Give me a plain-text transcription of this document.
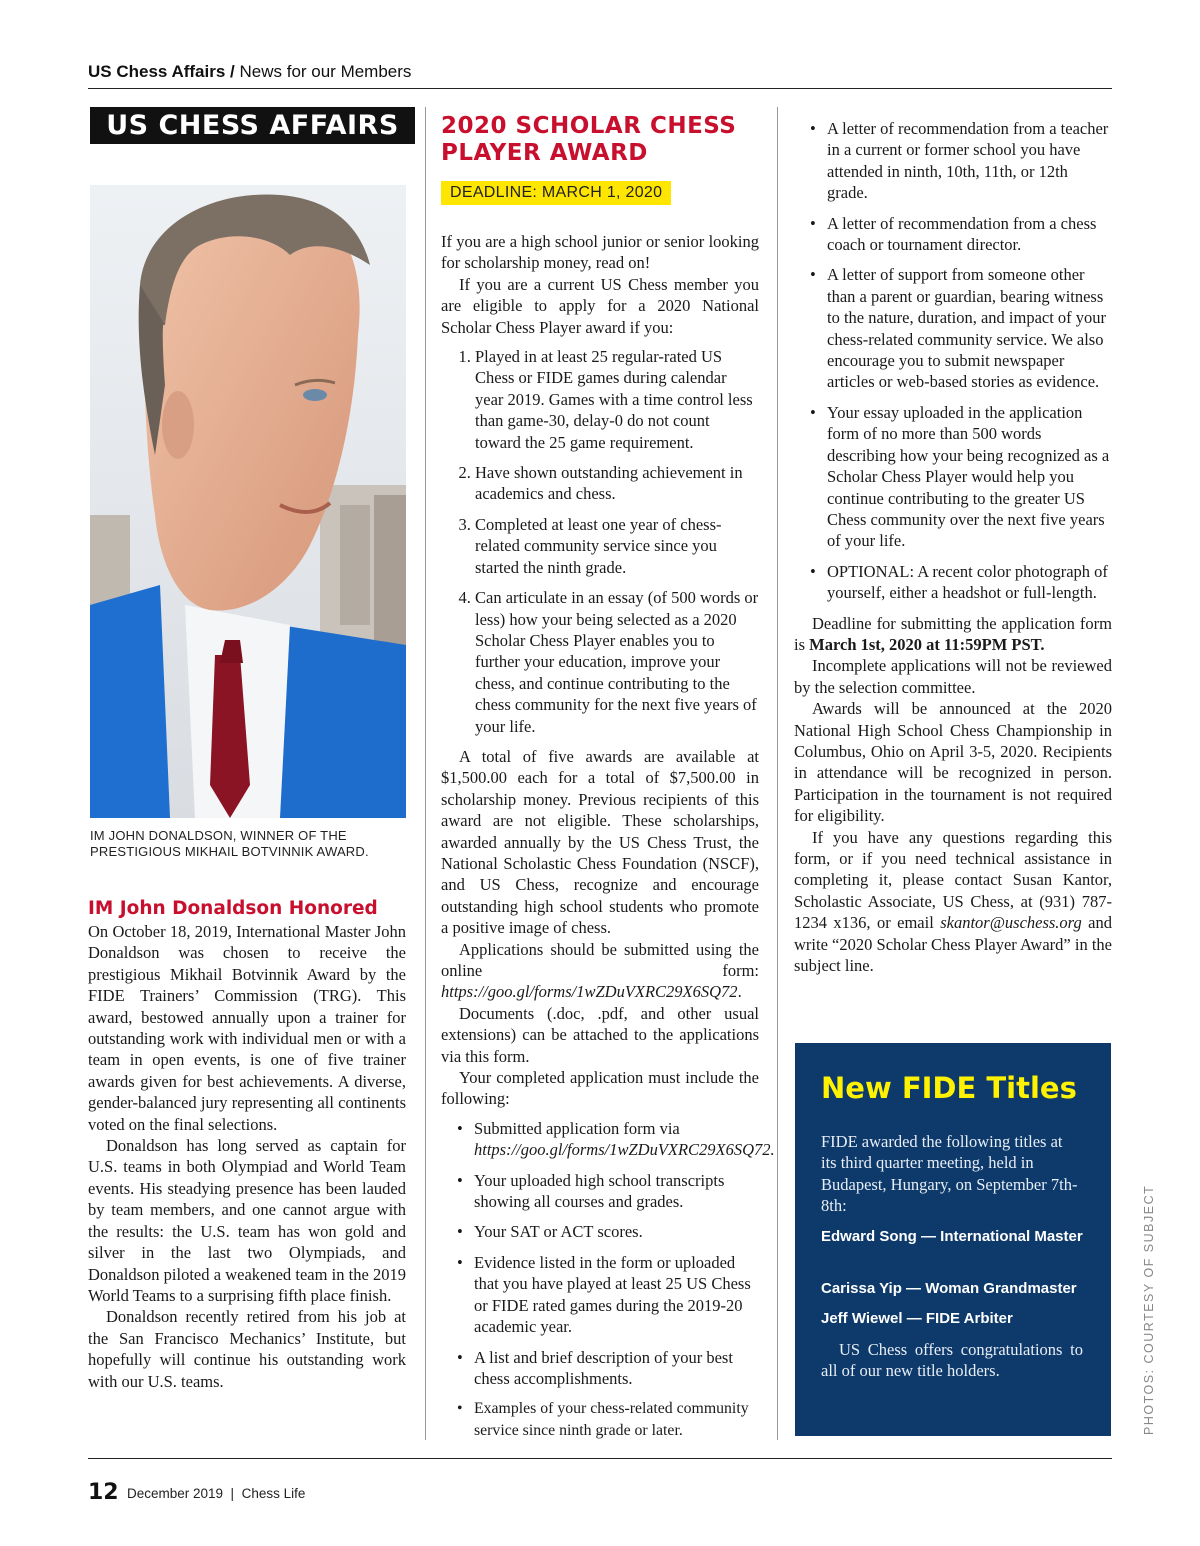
US Chess Affairs / News for our Members
US CHESS AFFAIRS
IM JOHN DONALDSON, WINNER OF THE PRESTIGIOUS MIKHAIL BOTVINNIK AWARD.
IM John Donaldson Honored

On October 18, 2019, International Master John Donaldson was chosen to receive the prestigious Mikhail Botvinnik Award by the FIDE Trainers’ Commission (TRG). This award, bestowed annually upon a trainer for outstanding work with individual men or with a team in open events, is one of five trainer awards given for best achievements. A diverse, gender-balanced jury representing all continents voted on the final selections.

Donaldson has long served as captain for U.S. teams in both Olympiad and World Team events. His steadying presence has been lauded by team members, and one cannot argue with the results: the U.S. team has won gold and silver in the last two Olympiads, and Donaldson piloted a weakened team in the 2019 World Teams to a surprising fifth place finish.

Donaldson recently retired from his job at the San Francisco Mechanics’ Institute, but hopefully will continue his outstanding work with our U.S. teams.

2020 SCHOLAR CHESS
PLAYER AWARD
DEADLINE: MARCH 1, 2020

If you are a high school junior or senior looking for scholarship money, read on!

If you are a current US Chess member you are eligible to apply for a 2020 National Scholar Chess Player award if you:

1. Played in at least 25 regular-rated US Chess or FIDE games during calendar year 2019. Games with a time control less than game-30, delay-0 do not count toward the 25 game requirement.
2. Have shown outstanding achievement in academics and chess.
3. Completed at least one year of chess-related community service since you started the ninth grade.
4. Can articulate in an essay (of 500 words or less) how your being selected as a 2020 Scholar Chess Player enables you to further your education, improve your chess, and continue contributing to the chess community for the next five years of your life.

A total of five awards are available at $1,500.00 each for a total of $7,500.00 in scholarship money. Previous recipients of this award are not eligible. These scholarships, awarded annually by the US Chess Trust, the National Scholastic Chess Foundation (NSCF), and US Chess, recognize and encourage outstanding high school students who promote a positive image of chess.

Applications should be submitted using the online form: https://goo.gl/forms/1wZDuVXRC29X6SQ72.

Documents (.doc, .pdf, and other usual extensions) can be attached to the applications via this form.

Your completed application must include the following:

• Submitted application form via https://goo.gl/forms/1wZDuVXRC29X6SQ72.
• Your uploaded high school transcripts showing all courses and grades.
• Your SAT or ACT scores.
• Evidence listed in the form or uploaded that you have played at least 25 US Chess or FIDE rated games during the 2019-20 academic year.
• A list and brief description of your best chess accomplishments.
• Examples of your chess-related community service since ninth grade or later.
• A letter of recommendation from a teacher in a current or former school you have attended in ninth, 10th, 11th, or 12th grade.
• A letter of recommendation from a chess coach or tournament director.
• A letter of support from someone other than a parent or guardian, bearing witness to the nature, duration, and impact of your chess-related community service. We also encourage you to submit newspaper articles or web-based stories as evidence.
• Your essay uploaded in the application form of no more than 500 words describing how your being recognized as a Scholar Chess Player would help you continue contributing to the greater US Chess community over the next five years of your life.
• OPTIONAL: A recent color photograph of yourself, either a headshot or full-length.

Deadline for submitting the application form is March 1st, 2020 at 11:59PM PST.

Incomplete applications will not be reviewed by the selection committee.

Awards will be announced at the 2020 National High School Chess Championship in Columbus, Ohio on April 3-5, 2020. Recipients in attendance will be recognized in person. Participation in the tournament is not required for eligibility.

If you have any questions regarding this form, or if you need technical assistance in completing it, please contact Susan Kantor, Scholastic Associate, US Chess, at (931) 787-1234 x136, or email skantor@uschess.org and write “2020 Scholar Chess Player Award” in the subject line.

New FIDE Titles
FIDE awarded the following titles at its third quarter meeting, held in Budapest, Hungary, on September 7th-8th:
Edward Song — International Master
Carissa Yip — Woman Grandmaster
Jeff Wiewel — FIDE Arbiter
US Chess offers congratulations to all of our new title holders.	PHOTOS: COURTESY OF SUBJECT
12 December 2019  |  Chess Life
